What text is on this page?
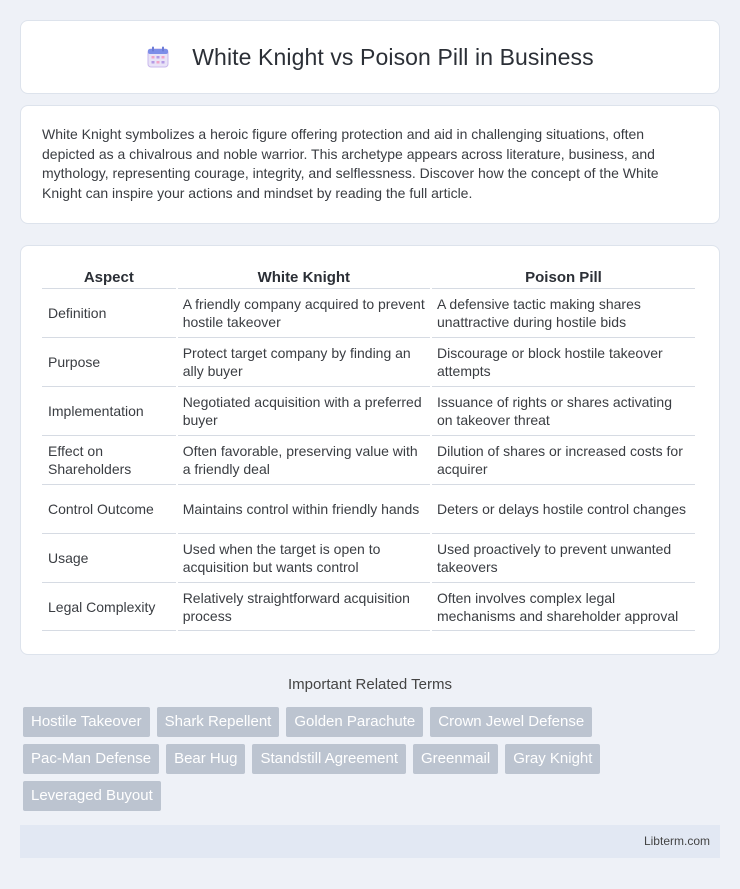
White Knight vs Poison Pill in Business

White Knight symbolizes a heroic figure offering protection and aid in challenging situations, often depicted as a chivalrous and noble warrior. This archetype appears across literature, business, and mythology, representing courage, integrity, and selflessness. Discover how the concept of the White Knight can inspire your actions and mindset by reading the full article.

Aspect	White Knight	Poison Pill
Definition	A friendly company acquired to prevent hostile takeover	A defensive tactic making shares unattractive during hostile bids
Purpose	Protect target company by finding an ally buyer	Discourage or block hostile takeover attempts
Implementation	Negotiated acquisition with a preferred buyer	Issuance of rights or shares activating on takeover threat
Effect on Shareholders	Often favorable, preserving value with a friendly deal	Dilution of shares or increased costs for acquirer
Control Outcome	Maintains control within friendly hands	Deters or delays hostile control changes
Usage	Used when the target is open to acquisition but wants control	Used proactively to prevent unwanted takeovers
Legal Complexity	Relatively straightforward acquisition process	Often involves complex legal mechanisms and shareholder approval
Important Related Terms
Hostile Takeover	Shark Repellent	Golden Parachute	Crown Jewel Defense
Pac-Man Defense	Bear Hug	Standstill Agreement	Greenmail	Gray Knight
Leveraged Buyout
Libterm.com
